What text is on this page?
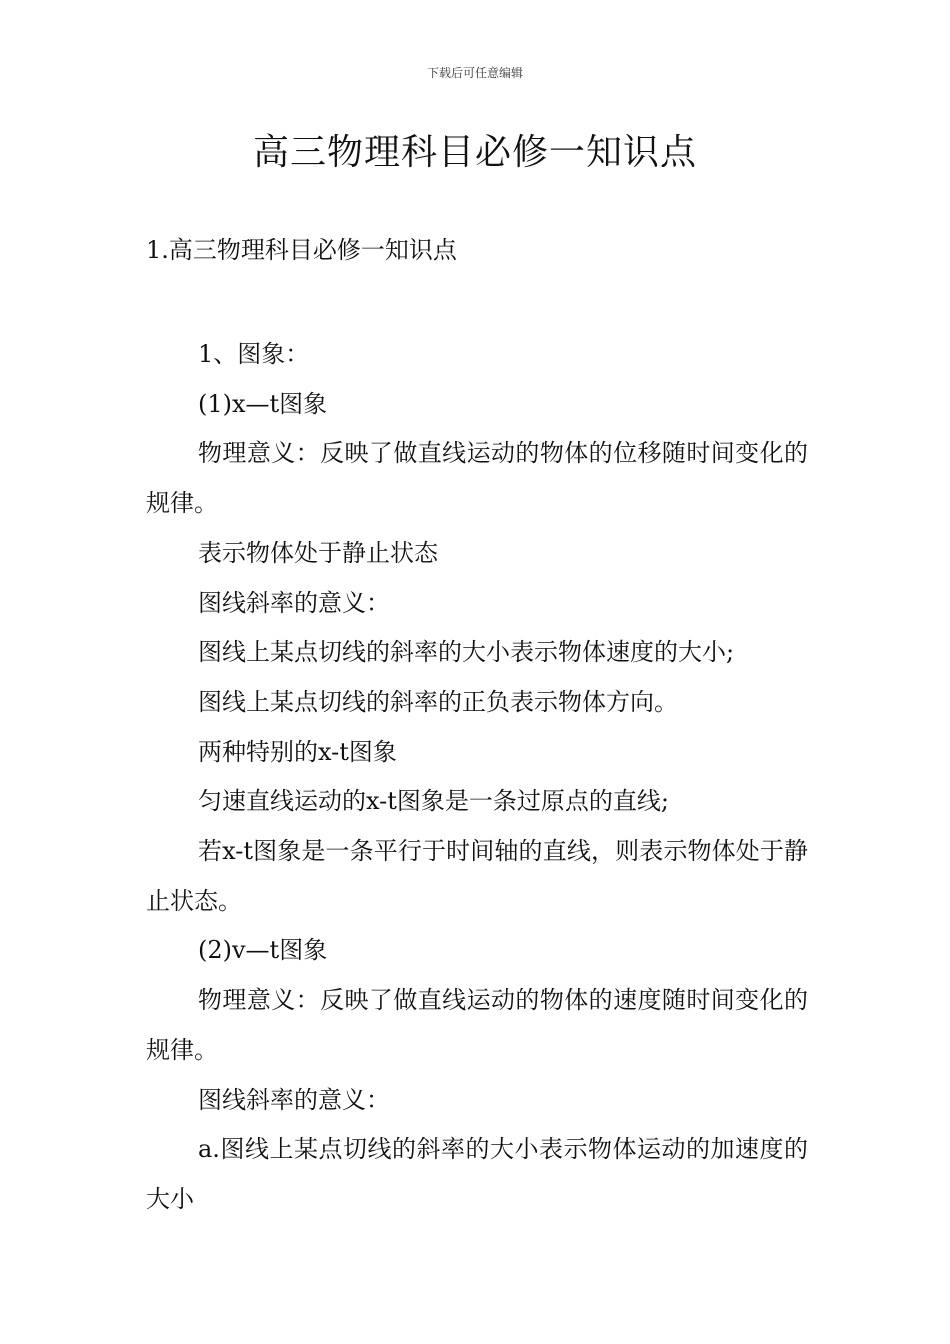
下载后可任意编辑
高三物理科目必修一知识点
1.高三物理科目必修一知识点

1、图象：

(1)x—t图象

物理意义：反映了做直线运动的物体的位移随时间变化的规律。

表示物体处于静止状态

图线斜率的意义：

图线上某点切线的斜率的大小表示物体速度的大小;

图线上某点切线的斜率的正负表示物体方向。

两种特别的x-t图象

匀速直线运动的x-t图象是一条过原点的直线;

若x-t图象是一条平行于时间轴的直线，则表示物体处于静止状态。

(2)v—t图象

物理意义：反映了做直线运动的物体的速度随时间变化的规律。

图线斜率的意义：

a.图线上某点切线的斜率的大小表示物体运动的加速度的大小
